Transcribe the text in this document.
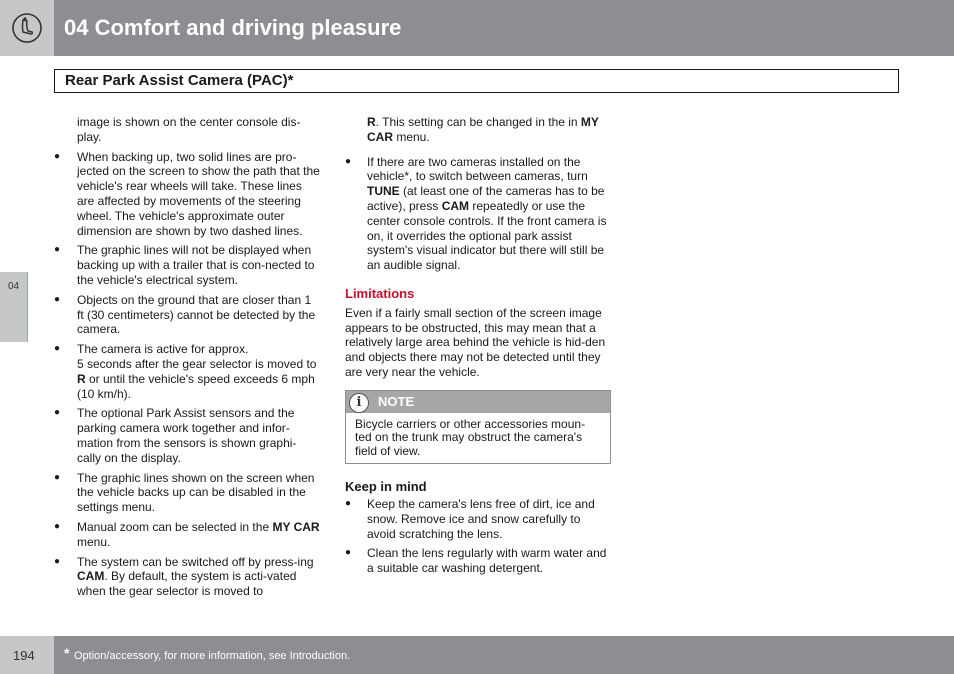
04 Comfort and driving pleasure
Rear Park Assist Camera (PAC)*
04
image is shown on the center console dis-play.
●	When backing up, two solid lines are pro-jected on the screen to show the path that the vehicle's rear wheels will take. These lines are affected by movements of the steering wheel. The vehicle's approximate outer dimension are shown by two dashed lines.
●	The graphic lines will not be displayed when backing up with a trailer that is con-nected to the vehicle's electrical system.
●	Objects on the ground that are closer than 1 ft (30 centimeters) cannot be detected by the camera.
●	The camera is active for approx.
5 seconds after the gear selector is moved to R or until the vehicle's speed exceeds 6 mph (10 km/h).
●	The optional Park Assist sensors and the parking camera work together and infor-mation from the sensors is shown graphi-cally on the display.
●	The graphic lines shown on the screen when the vehicle backs up can be disabled in the settings menu.
●	Manual zoom can be selected in the MY CAR menu.
●	The system can be switched off by press-ing CAM. By default, the system is acti-vated when the gear selector is moved to
R. This setting can be changed in the in MY CAR menu.
●	If there are two cameras installed on the vehicle*, to switch between cameras, turn TUNE (at least one of the cameras has to be active), press CAM repeatedly or use the center console controls. If the front camera is on, it overrides the optional park assist system's visual indicator but there will still be an audible signal.
Limitations
Even if a fairly small section of the screen image appears to be obstructed, this may mean that a relatively large area behind the vehicle is hid-den and objects there may not be detected until they are very near the vehicle.
i	NOTE
Bicycle carriers or other accessories moun-ted on the trunk may obstruct the camera's field of view.
Keep in mind
●	Keep the camera's lens free of dirt, ice and snow. Remove ice and snow carefully to avoid scratching the lens.
●	Clean the lens regularly with warm water and a suitable car washing detergent.
194 * Option/accessory, for more information, see Introduction.
